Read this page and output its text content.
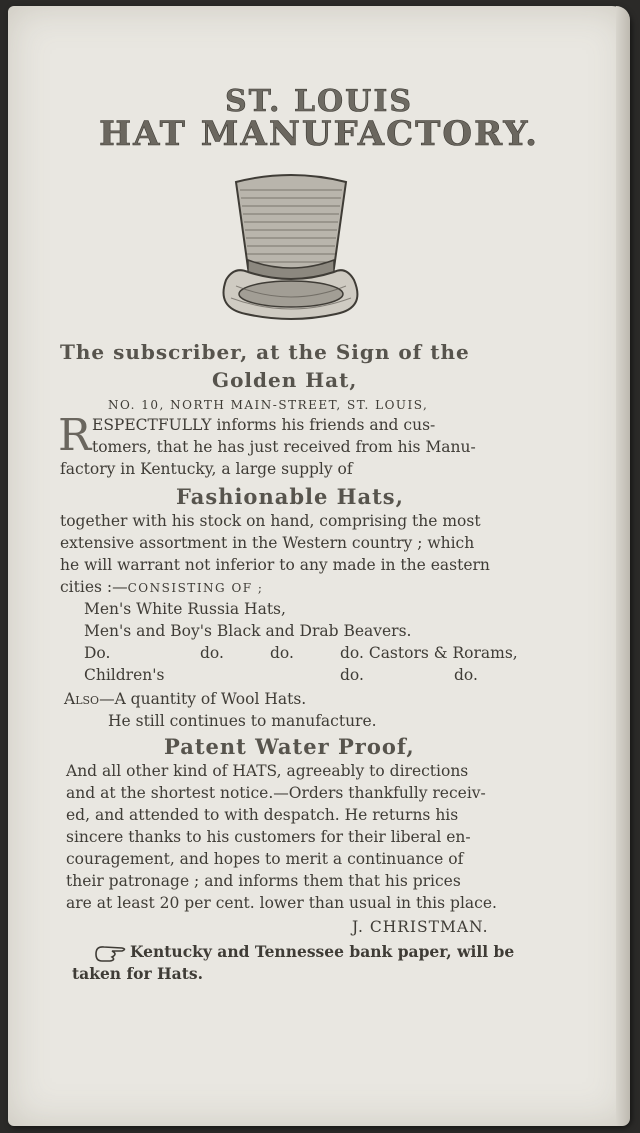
ST. LOUIS
HAT MANUFACTORY.
The subscriber, at the Sign of the
Golden Hat,
NO. 10, NORTH MAIN-STREET, ST. LOUIS,
R ESPECTFULLY informs his friends and cus-
tomers, that he has just received from his Manu-
factory in Kentucky, a large supply of
Fashionable Hats,
together with his stock on hand, comprising the most
extensive assortment in the Western country ; which
he will warrant not inferior to any made in the eastern
cities :—CONSISTING OF ;
Men's White Russia Hats,
Men's and Boy's Black and Drab Beavers.
Do.	do.	do.	do. Castors & Rorams,
Children's	do.	do.
Also—A quantity of Wool Hats.
He still continues to manufacture.
Patent Water Proof,
And all other kind of HATS, agreeably to directions
and at the shortest notice.—Orders thankfully receiv-
ed, and attended to with despatch. He returns his
sincere thanks to his customers for their liberal en-
couragement, and hopes to merit a continuance of
their patronage ; and informs them that his prices
are at least 20 per cent. lower than usual in this place.
J. CHRISTMAN.
Kentucky and Tennessee bank paper, will be
taken for Hats.
